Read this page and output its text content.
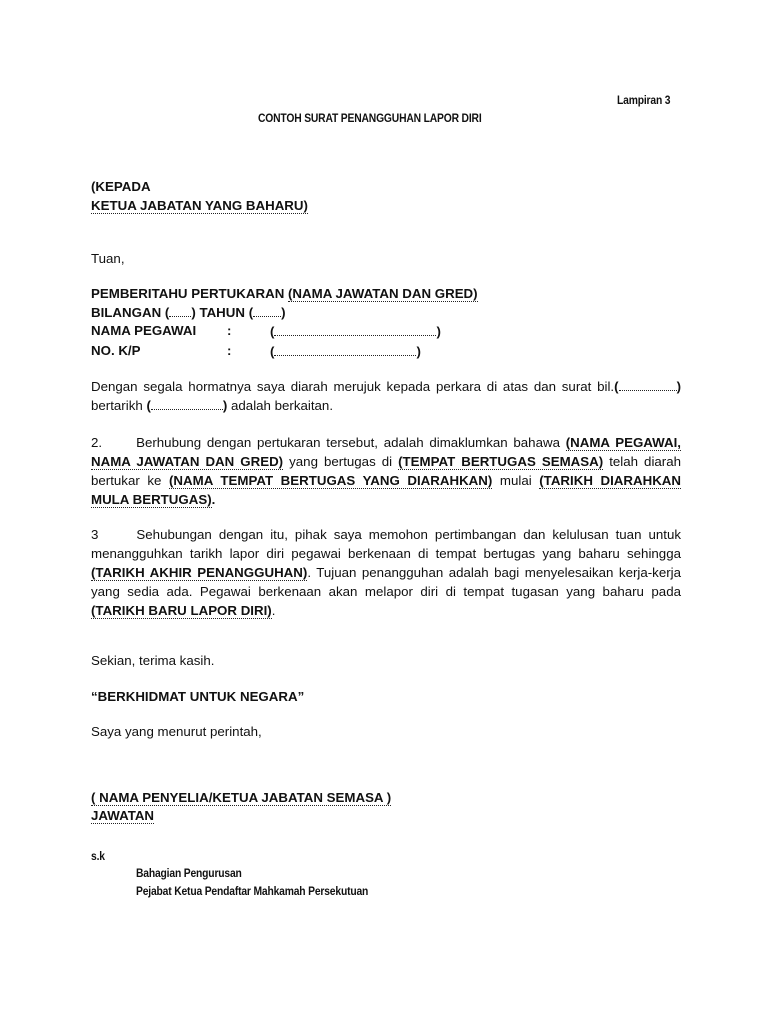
Lampiran 3
CONTOH SURAT PENANGGUHAN LAPOR DIRI
(KEPADA
KETUA JABATAN YANG BAHARU)
Tuan,
PEMBERITAHU PERTUKARAN (NAMA JAWATAN DAN GRED)
BILANGAN ( ) TAHUN ( )
NAMA PEGAWAI :	(	)
NO. K/P	:	(	)
Dengan segala hormatnya saya diarah merujuk kepada perkara di atas dan surat bil.(	) bertarikh (	) adalah berkaitan.
2.	Berhubung dengan pertukaran tersebut, adalah dimaklumkan bahawa (NAMA PEGAWAI, NAMA JAWATAN DAN GRED) yang bertugas di (TEMPAT BERTUGAS SEMASA) telah diarah bertukar ke (NAMA TEMPAT BERTUGAS YANG DIARAHKAN) mulai (TARIKH DIARAHKAN MULA BERTUGAS).
3	Sehubungan dengan itu, pihak saya memohon pertimbangan dan kelulusan tuan untuk menangguhkan tarikh lapor diri pegawai berkenaan di tempat bertugas yang baharu sehingga (TARIKH AKHIR PENANGGUHAN). Tujuan penangguhan adalah bagi menyelesaikan kerja-kerja yang sedia ada. Pegawai berkenaan akan melapor diri di tempat tugasan yang baharu pada (TARIKH BARU LAPOR DIRI).
Sekian, terima kasih.
“BERKHIDMAT UNTUK NEGARA”
Saya yang menurut perintah,
( NAMA PENYELIA/KETUA JABATAN SEMASA )
JAWATAN
s.k
Bahagian Pengurusan
Pejabat Ketua Pendaftar Mahkamah Persekutuan
